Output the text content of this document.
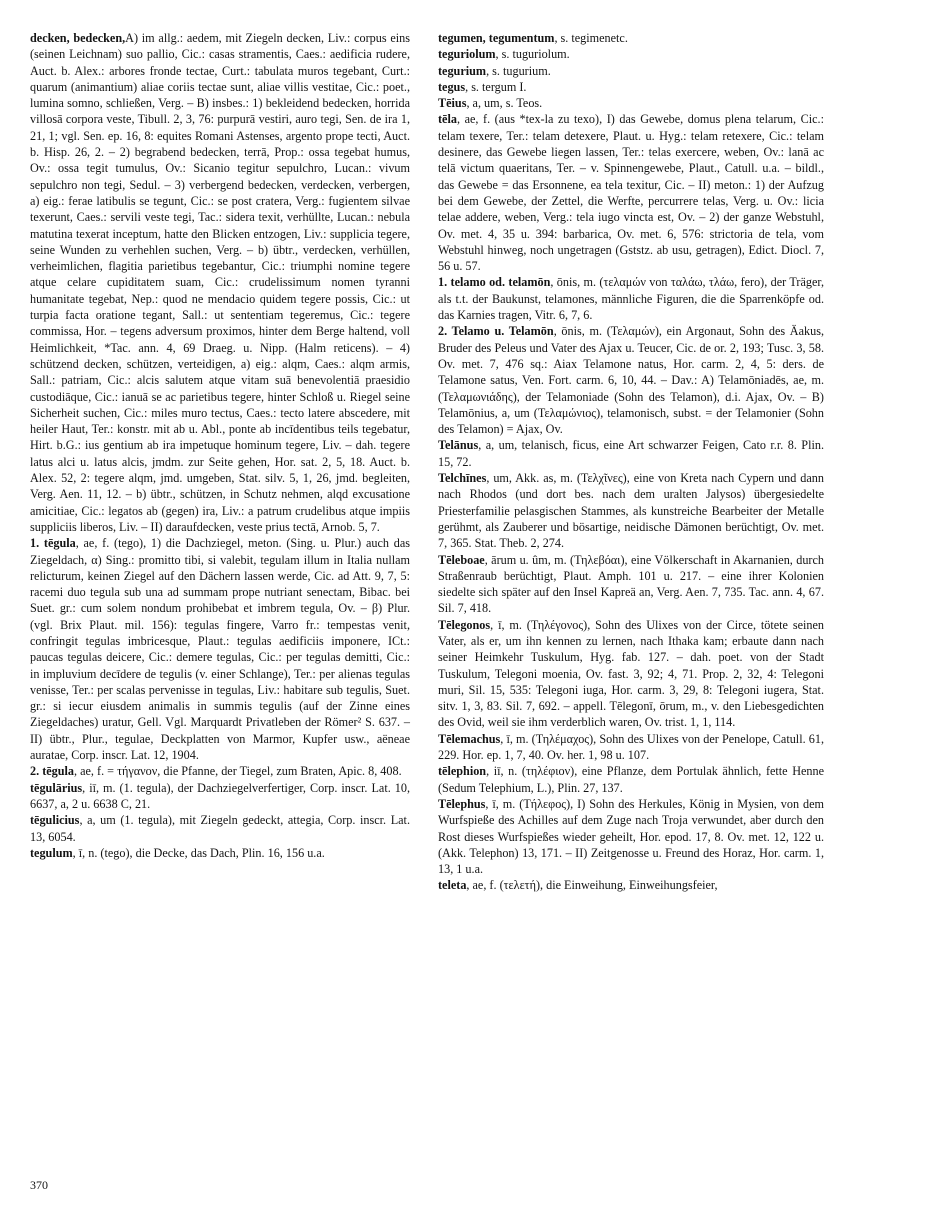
decken, bedecken,A) im allg.: aedem, mit Ziegeln decken, Liv.: corpus eins (seinen Leichnam) suo pallio, Cic.: casas stramentis, Caes.: aedificia rudere, Auct. b. Alex.: arbores fronde tectae, Curt.: tabulata muros tegebant, Curt.: quarum (animantium) aliae coriis tectae sunt, aliae villis vestitae, Cic.: poet., lumina somno, schließen, Verg. – B) insbes.: 1) bekleidend bedecken, horrida villosā corpora veste, Tibull. 2, 3, 76: purpurā vestiri, auro tegi, Sen. de ira 1, 21, 1; vgl. Sen. ep. 16, 8: equites Romani Astenses, argento prope tecti, Auct. b. Hisp. 26, 2. – 2) begrabend bedecken, terrā, Prop.: ossa tegebat humus, Ov.: ossa tegit tumulus, Ov.: Sicanio tegitur sepulchro, Lucan.: vivum sepulchro non tegi, Sedul. – 3) verbergend bedecken, verdecken, verbergen, a) eig.: ferae latibulis se tegunt, Cic.: se post cratera, Verg.: fugientem silvae texerunt, Caes.: servili veste tegi, Tac.: sidera texit, verhüllte, Lucan.: nebula matutina texerat inceptum, hatte den Blicken entzogen, Liv.: supplicia tegere, seine Wunden zu verhehlen suchen, Verg. – b) übtr., verdecken, verhüllen, verheimlichen, flagitia parietibus tegebantur, Cic.: triumphi nomine tegere atque celare cupiditatem suam, Cic.: crudelissimum nomen tyranni humanitate tegebat, Nep.: quod ne mendacio quidem tegere possis, Cic.: ut turpia facta oratione tegant, Sall.: ut sententiam tegeremus, Cic.: tegere commissa, Hor. – tegens adversum proximos, hinter dem Berge haltend, voll Heimlichkeit, *Tac. ann. 4, 69 Draeg. u. Nipp. (Halm reticens). – 4) schützend decken, schützen, verteidigen, a) eig.: alqm, Caes.: alqm armis, Sall.: patriam, Cic.: alcis salutem atque vitam suā benevolentiā praesidio custodiāque, Cic.: ianuā se ac parietibus tegere, hinter Schloß u. Riegel seine Sicherheit suchen, Cic.: miles muro tectus, Caes.: tecto latere abscedere, mit heiler Haut, Ter.: konstr. mit ab u. Abl., ponte ab incīdentibus teils tegebatur, Hirt. b.G.: ius gentium ab ira impetuque hominum tegere, Liv. – dah. tegere latus alci u. latus alcis, jmdm. zur Seite gehen, Hor. sat. 2, 5, 18. Auct. b. Alex. 52, 2: tegere alqm, jmd. umgeben, Stat. silv. 5, 1, 26, jmd. begleiten, Verg. Aen. 11, 12. – b) übtr., schützen, in Schutz nehmen, alqd excusatione amicitiae, Cic.: legatos ab (gegen) ira, Liv.: a patrum crudelibus atque impiis suppliciis liberos, Liv. – II) daraufdecken, veste prius tectā, Arnob. 5, 7.

1. tēgula, ae, f. (tego), 1) die Dachziegel, meton. (Sing. u. Plur.) auch das Ziegeldach, α) Sing.: promitto tibi, si valebit, tegulam illum in Italia nullam relicturum, keinen Ziegel auf den Dächern lassen werde, Cic. ad Att. 9, 7, 5: racemi duo tegula sub una ad summam prope nutriant senectam, Bibac. bei Suet. gr.: cum solem nondum prohibebat et imbrem tegula, Ov. – β) Plur. (vgl. Brix Plaut. mil. 156): tegulas fingere, Varro fr.: tempestas venit, confringit tegulas imbricesque, Plaut.: tegulas aedificiis imponere, ICt.: paucas tegulas deicere, Cic.: demere tegulas, Cic.: per tegulas demitti, Cic.: in impluvium decīdere de tegulis (v. einer Schlange), Ter.: per alienas tegulas venisse, Ter.: per scalas pervenisse in tegulas, Liv.: habitare sub tegulis, Suet. gr.: si iecur eiusdem animalis in summis tegulis (auf der Zinne eines Ziegeldaches) uratur, Gell. Vgl. Marquardt Privatleben der Römer² S. 637. – II) übtr., Plur., tegulae, Deckplatten von Marmor, Kupfer usw., aëneae auratae, Corp. inscr. Lat. 12, 1904.

2. tēgula, ae, f. = τήγανον, die Pfanne, der Tiegel, zum Braten, Apic. 8, 408.

tēgulārius, iī, m. (1. tegula), der Dachziegelverfertiger, Corp. inscr. Lat. 10, 6637, a, 2 u. 6638 C, 21.

tēgulicius, a, um (1. tegula), mit Ziegeln gedeckt, attegia, Corp. inscr. Lat. 13, 6054.

tegulum, ī, n. (tego), die Decke, das Dach, Plin. 16, 156 u.a.

tegumen, tegumentum, s. tegimenetc.

teguriolum, s. tuguriolum.

tegurium, s. tugurium.

tegus, s. tergum I.

Tēius, a, um, s. Teos.

tēla, ae, f. (aus *tex-la zu texo), I) das Gewebe, domus plena telarum, Cic.: telam texere, Ter.: telam detexere, Plaut. u. Hyg.: telam retexere, Cic.: telam desinere, das Gewebe liegen lassen, Ter.: telas exercere, weben, Ov.: lanā ac telā victum quaeritans, Ter. – v. Spinnengewebe, Plaut., Catull. u.a. – bildl., das Gewebe = das Ersonnene, ea tela texitur, Cic. – II) meton.: 1) der Aufzug bei dem Gewebe, der Zettel, die Werfte, percurrere telas, Verg. u. Ov.: licia telae addere, weben, Verg.: tela iugo vincta est, Ov. – 2) der ganze Webstuhl, Ov. met. 4, 35 u. 394: barbarica, Ov. met. 6, 576: strictoria de tela, vom Webstuhl hinweg, noch ungetragen (Gststz. ab usu, getragen), Edict. Diocl. 7, 56 u. 57.

1. telamo od. telamōn, ōnis, m. (τελαμών von ταλάω, τλάω, fero), der Träger, als t.t. der Baukunst, telamones, männliche Figuren, die die Sparrenköpfe od. das Karnies tragen, Vitr. 6, 7, 6.

2. Telamo u. Telamōn, ōnis, m. (Τελαμών), ein Argonaut, Sohn des Äakus, Bruder des Peleus und Vater des Ajax u. Teucer, Cic. de or. 2, 193; Tusc. 3, 58. Ov. met. 7, 476 sq.: Aiax Telamone natus, Hor. carm. 2, 4, 5: ders. de Telamone satus, Ven. Fort. carm. 6, 10, 44. – Dav.: A) Telamōniadēs, ae, m. (Τελαμωνιάδης), der Telamoniade (Sohn des Telamon), d.i. Ajax, Ov. – B) Telamōnius, a, um (Τελαμώνιος), telamonisch, subst. = der Telamonier (Sohn des Telamon) = Ajax, Ov.

Telānus, a, um, telanisch, ficus, eine Art schwarzer Feigen, Cato r.r. 8. Plin. 15, 72.

Telchīnes, um, Akk. as, m. (Τελχῖνες), eine von Kreta nach Cypern und dann nach Rhodos (und dort bes. nach dem uralten Jalysos) übergesiedelte Priesterfamilie pelasgischen Stammes, als kunstreiche Bearbeiter der Metalle gerühmt, als Zauberer und bösartige, neidische Dämonen berüchtigt, Ov. met. 7, 365. Stat. Theb. 2, 274.

Tēleboae, ārum u. ûm, m. (Τηλεβόαι), eine Völkerschaft in Akarnanien, durch Straßenraub berüchtigt, Plaut. Amph. 101 u. 217. – eine ihrer Kolonien siedelte sich später auf den Insel Kapreä an, Verg. Aen. 7, 735. Tac. ann. 4, 67. Sil. 7, 418.

Tēlegonos, ī, m. (Τηλέγονος), Sohn des Ulixes von der Circe, tötete seinen Vater, als er, um ihn kennen zu lernen, nach Ithaka kam; erbaute dann nach seiner Heimkehr Tuskulum, Hyg. fab. 127. – dah. poet. von der Stadt Tuskulum, Telegoni moenia, Ov. fast. 3, 92; 4, 71. Prop. 2, 32, 4: Telegoni muri, Sil. 15, 535: Telegoni iuga, Hor. carm. 3, 29, 8: Telegoni iugera, Stat. sitv. 1, 3, 83. Sil. 7, 692. – appell. Tēlegonī, ōrum, m., v. den Liebesgedichten des Ovid, weil sie ihm verderblich waren, Ov. trist. 1, 1, 114.

Tēlemachus, ī, m. (Τηλέμαχος), Sohn des Ulixes von der Penelope, Catull. 61, 229. Hor. ep. 1, 7, 40. Ov. her. 1, 98 u. 107.

tēlephion, iī, n. (τηλέφιον), eine Pflanze, dem Portulak ähnlich, fette Henne (Sedum Telephium, L.), Plin. 27, 137.

Tēlephus, ī, m. (Τήλεφος), I) Sohn des Herkules, König in Mysien, von dem Wurfspieße des Achilles auf dem Zuge nach Troja verwundet, aber durch den Rost dieses Wurfspießes wieder geheilt, Hor. epod. 17, 8. Ov. met. 12, 122 u. (Akk. Telephon) 13, 171. – II) Zeitgenosse u. Freund des Horaz, Hor. carm. 1, 13, 1 u.a.

teleta, ae, f. (τελετή), die Einweihung, Einweihungsfeier,

370
